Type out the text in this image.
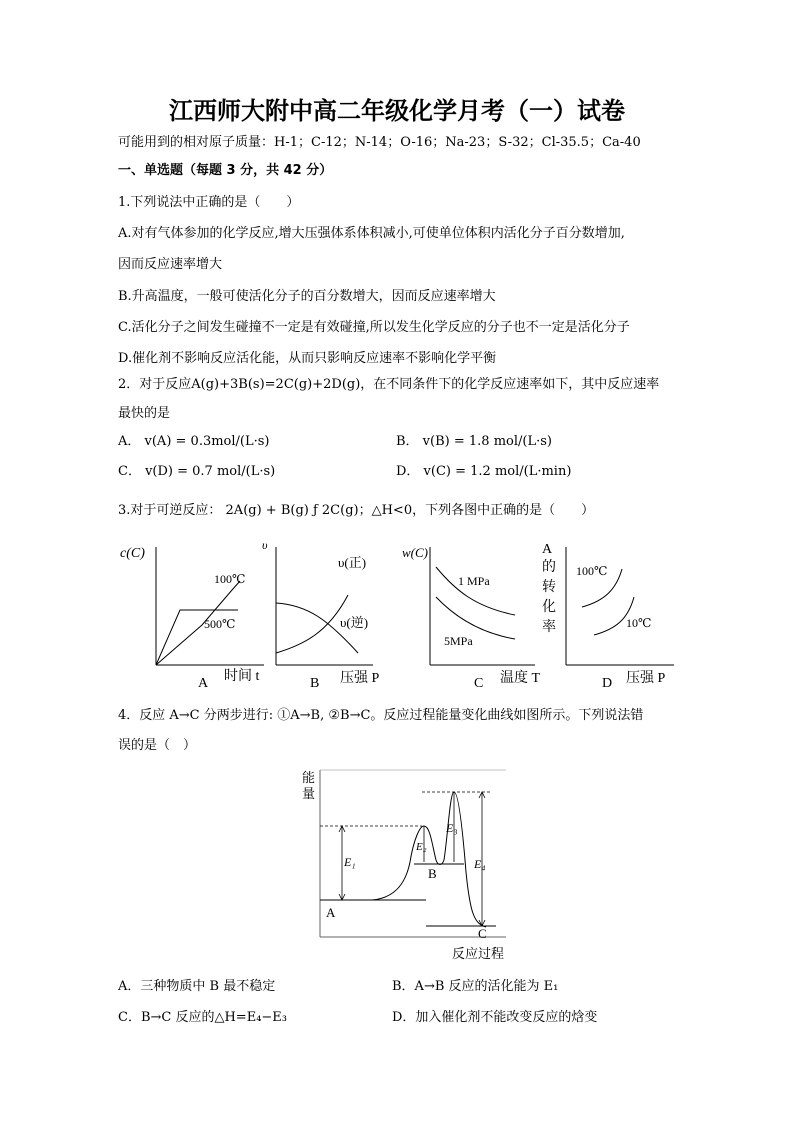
江西师大附中高二年级化学月考（一）试卷
可能用到的相对原子质量：H-1；C-12；N-14；O-16；Na-23；S-32；Cl-35.5；Ca-40
一、单选题（每题 3 分，共 42 分）
1.下列说法中正确的是（　　）
A.对有气体参加的化学反应,增大压强体系体积减小,可使单位体积内活化分子百分数增加,
因而反应速率增大
B.升高温度，一般可使活化分子的百分数增大，因而反应速率增大
C.活化分子之间发生碰撞不一定是有效碰撞,所以发生化学反应的分子也不一定是活化分子
D.催化剂不影响反应活化能，从而只影响反应速率不影响化学平衡
2．对于反应A(g)+3B(s)=2C(g)+2D(g)，在不同条件下的化学反应速率如下，其中反应速率
最快的是
A． v(A) = 0.3mol/(L·s)	B． v(B) = 1.8 mol/(L·s)
C． v(D) = 0.7 mol/(L·s)	D． v(C) = 1.2 mol/(L·min)
3.对于可逆反应： 2A(g) + B(g) ƒ 2C(g)；△H<0，下列各图中正确的是（　　）
c(C)
100℃
500℃
时间 t
A
υ
υ(正)
υ(逆)
压强 P
B
w(C)
1 MPa
5MPa
温度 T
C
A
的
转
化
率
100℃
10℃
压强 P
D
4．反应 A→C 分两步进行: ①A→B, ②B→C。反应过程能量变化曲线如图所示。下列说法错
误的是（　）
能
量
E₁
E₂
E₃
E₄
A
B
C
反应过程
A．三种物质中 B 最不稳定	B．A→B 反应的活化能为 E₁
C．B→C 反应的△H=E₄−E₃	D．加入催化剂不能改变反应的焓变
